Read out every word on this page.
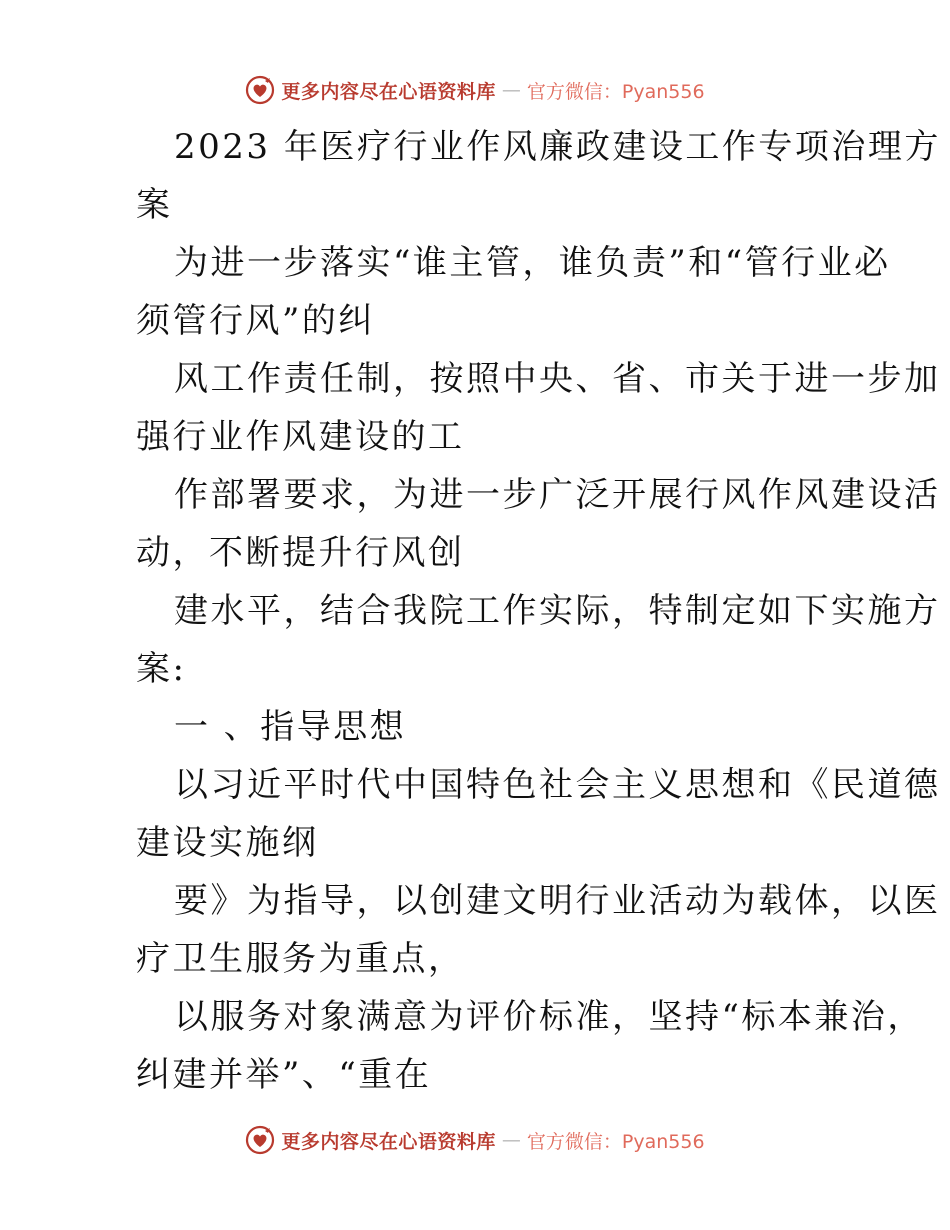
更多内容尽在心语资料库 — 官方微信：Pyan556
2023 年医疗行业作风廉政建设工作专项治理方
案
为进一步落实“谁主管，谁负责”和“管行业必
须管行风”的纠
风工作责任制，按照中央、省、市关于进一步加
强行业作风建设的工
作部署要求，为进一步广泛开展行风作风建设活
动，不断提升行风创
建水平，结合我院工作实际，特制定如下实施方
案:
一 、指导思想
以习近平时代中国特色社会主义思想和《民道德
建设实施纲
要》为指导，以创建文明行业活动为载体，以医
疗卫生服务为重点，
以服务对象满意为评价标准，坚持“标本兼治，
纠建并举”、“重在
更多内容尽在心语资料库 — 官方微信：Pyan556
